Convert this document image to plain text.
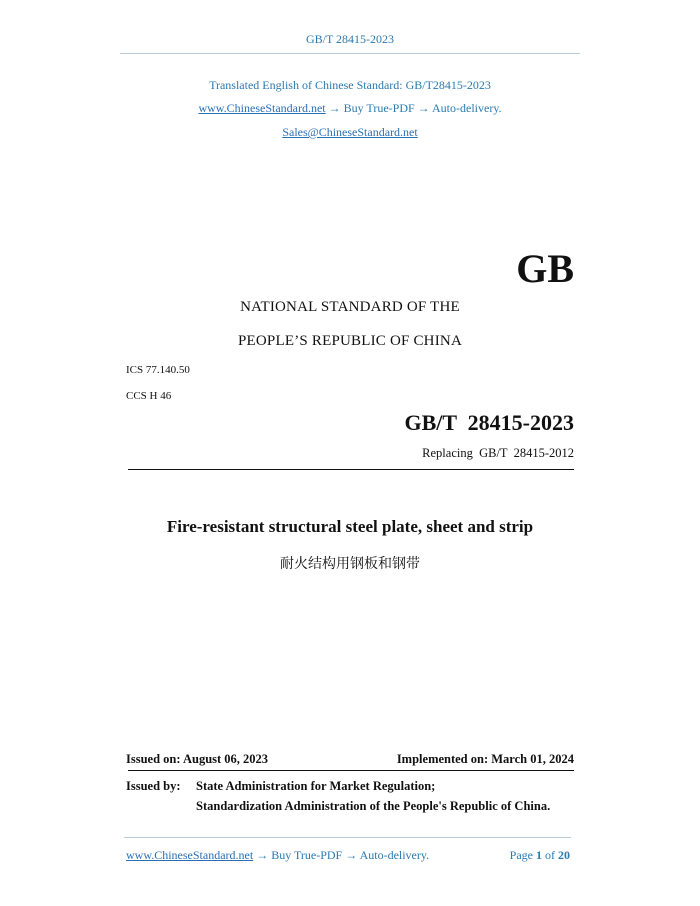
GB/T 28415-2023
Translated English of Chinese Standard: GB/T28415-2023
www.ChineseStandard.net → Buy True-PDF → Auto-delivery.
Sales@ChineseStandard.net
GB
NATIONAL STANDARD OF THE
PEOPLE’S REPUBLIC OF CHINA
ICS 77.140.50
CCS H 46
GB/T  28415-2023
Replacing  GB/T  28415-2012
Fire-resistant structural steel plate, sheet and strip
耐火结构用钢板和钢带
Issued on: August 06, 2023	Implemented on: March 01, 2024
Issued by: State Administration for Market Regulation;
Standardization Administration of the People's Republic of China.
www.ChineseStandard.net → Buy True-PDF → Auto-delivery.	Page 1 of 20
